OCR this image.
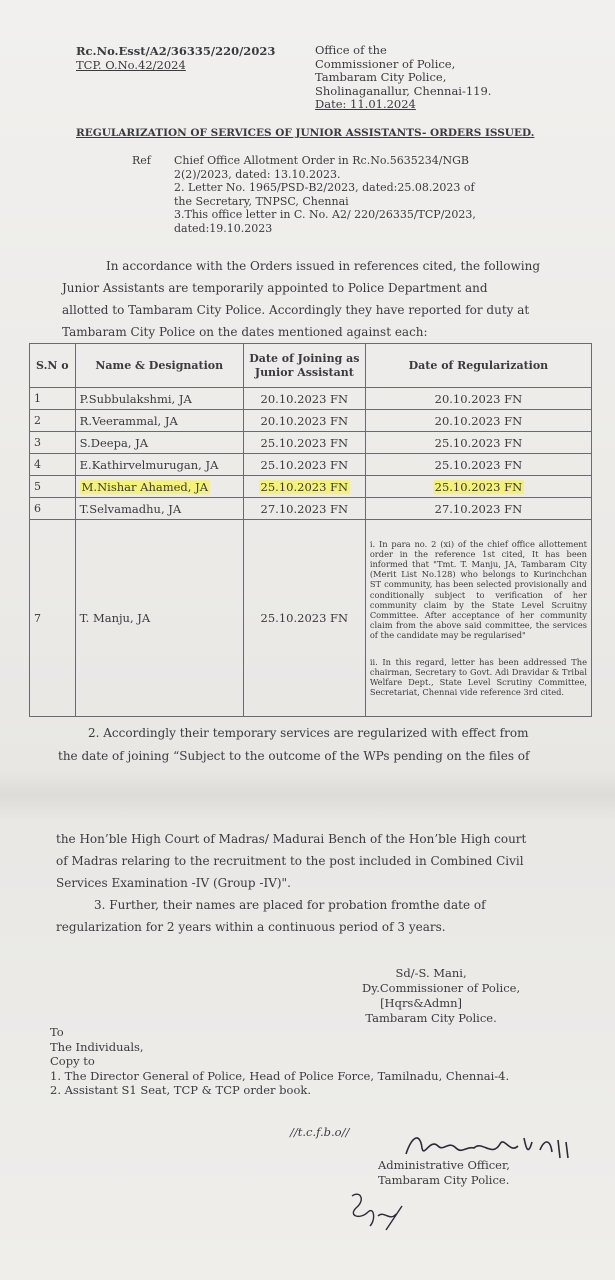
Rc.No.Esst/A2/36335/220/2023
TCP. O.No.42/2024
Office of the
Commissioner of Police,
Tambaram City Police,
Sholinaganallur, Chennai-119.
Date: 11.01.2024
REGULARIZATION OF SERVICES OF JUNIOR ASSISTANTS- ORDERS ISSUED.
Ref Chief Office Allotment Order in Rc.No.5635234/NGB
2(2)/2023, dated: 13.10.2023.
2. Letter No. 1965/PSD-B2/2023, dated:25.08.2023 of
the Secretary, TNPSC, Chennai
3.This office letter in C. No. A2/ 220/26335/TCP/2023,
dated:19.10.2023
In accordance with the Orders issued in references cited, the following
Junior Assistants are temporarily appointed to Police Department and
allotted to Tambaram City Police. Accordingly they have reported for duty at
Tambaram City Police on the dates mentioned against each:
S.N o	Name & Designation	Date of Joining as Junior Assistant	Date of Regularization
1	P.Subbulakshmi, JA	20.10.2023 FN	20.10.2023 FN
2	R.Veerammal, JA	20.10.2023 FN	20.10.2023 FN
3	S.Deepa, JA	25.10.2023 FN	25.10.2023 FN
4	E.Kathirvelmurugan, JA	25.10.2023 FN	25.10.2023 FN
5	M.Nishar Ahamed, JA	25.10.2023 FN	25.10.2023 FN
6	T.Selvamadhu, JA	27.10.2023 FN	27.10.2023 FN
7	T. Manju, JA	25.10.2023 FN	i. In para no. 2 (xi) of the chief office allottement order in the reference 1st cited, It has been informed that "Tmt. T. Manju, JA, Tambaram City (Merit List No.128) who belongs to Kurinchchan ST community, has been selected provisionally and conditionally subject to verification of her community claim by the State Level Scruitny Committee. After acceptance of her community claim from the above said committee, the services of the candidate may be regularised"

ii. In this regard, letter has been addressed The chairman, Secretary to Govt. Adi Dravidar & Tribal Welfare Dept., State Level Scrutiny Committee, Secretariat, Chennai vide reference 3rd cited.

2. Accordingly their temporary services are regularized with effect from
the date of joining “Subject to the outcome of the WPs pending on the files of
the Hon’ble High Court of Madras/ Madurai Bench of the Hon’ble High court
of Madras relaring to the recruitment to the post included in Combined Civil
Services Examination -IV (Group -IV)".
3. Further, their names are placed for probation fromthe date of
regularization for 2 years within a continuous period of 3 years.
Sd/-S. Mani,
Dy.Commissioner of Police,
[Hqrs&Admn]
Tambaram City Police.
To
The Individuals,
Copy to
1. The Director General of Police, Head of Police Force, Tamilnadu, Chennai-4.
2. Assistant S1 Seat, TCP & TCP order book.
//t.c.f.b.o//
Administrative Officer,
Tambaram City Police.
